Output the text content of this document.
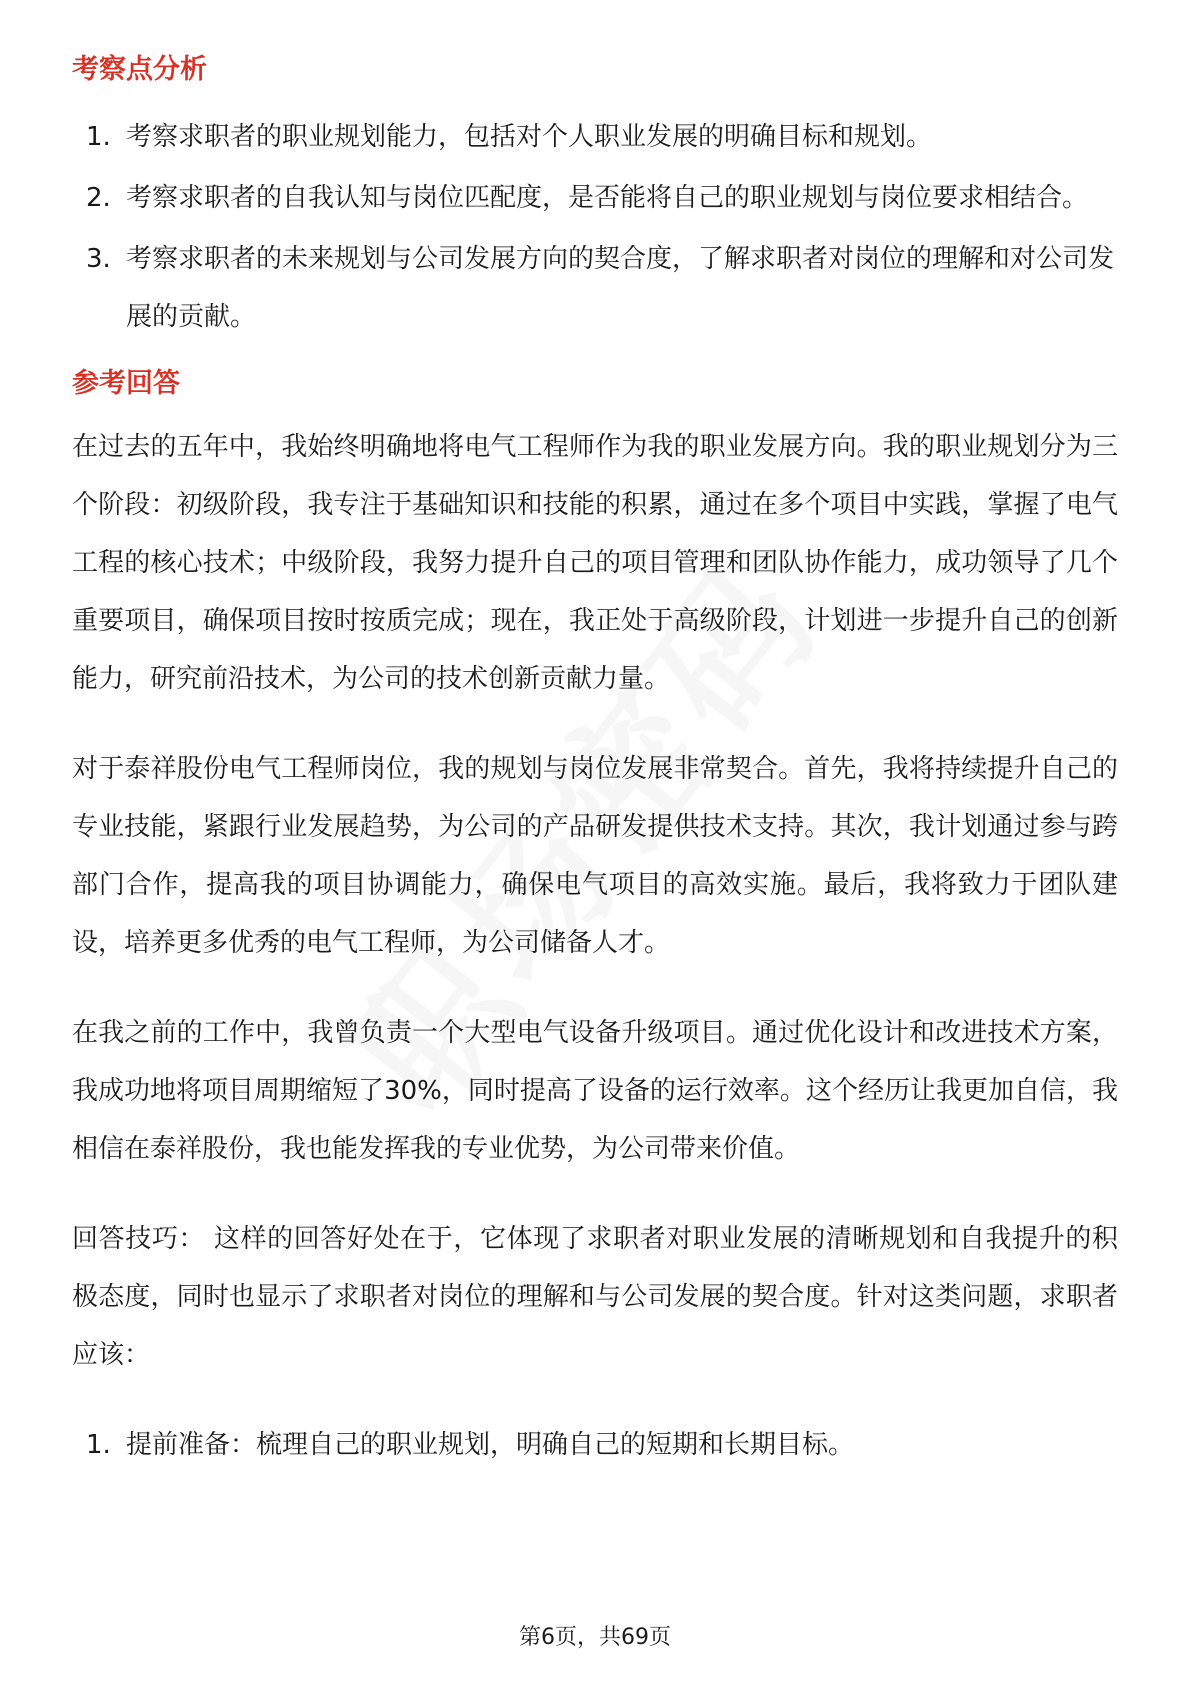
考察点分析
1. 考察求职者的职业规划能力，包括对个人职业发展的明确目标和规划。
2. 考察求职者的自我认知与岗位匹配度，是否能将自己的职业规划与岗位要求相结合。
3. 考察求职者的未来规划与公司发展方向的契合度，了解求职者对岗位的理解和对公司发展的贡献。
参考回答

在过去的五年中，我始终明确地将电气工程师作为我的职业发展方向。我的职业规划分为三个阶段：初级阶段，我专注于基础知识和技能的积累，通过在多个项目中实践，掌握了电气工程的核心技术；中级阶段，我努力提升自己的项目管理和团队协作能力，成功领导了几个重要项目，确保项目按时按质完成；现在，我正处于高级阶段，计划进一步提升自己的创新能力，研究前沿技术，为公司的技术创新贡献力量。

对于泰祥股份电气工程师岗位，我的规划与岗位发展非常契合。首先，我将持续提升自己的专业技能，紧跟行业发展趋势，为公司的产品研发提供技术支持。其次，我计划通过参与跨部门合作，提高我的项目协调能力，确保电气项目的高效实施。最后，我将致力于团队建设，培养更多优秀的电气工程师，为公司储备人才。

在我之前的工作中，我曾负责一个大型电气设备升级项目。通过优化设计和改进技术方案，我成功地将项目周期缩短了30%，同时提高了设备的运行效率。这个经历让我更加自信，我相信在泰祥股份，我也能发挥我的专业优势，为公司带来价值。

回答技巧： 这样的回答好处在于，它体现了求职者对职业发展的清晰规划和自我提升的积极态度，同时也显示了求职者对岗位的理解和与公司发展的契合度。针对这类问题，求职者应该：

1. 提前准备：梳理自己的职业规划，明确自己的短期和长期目标。
第6页，共69页
